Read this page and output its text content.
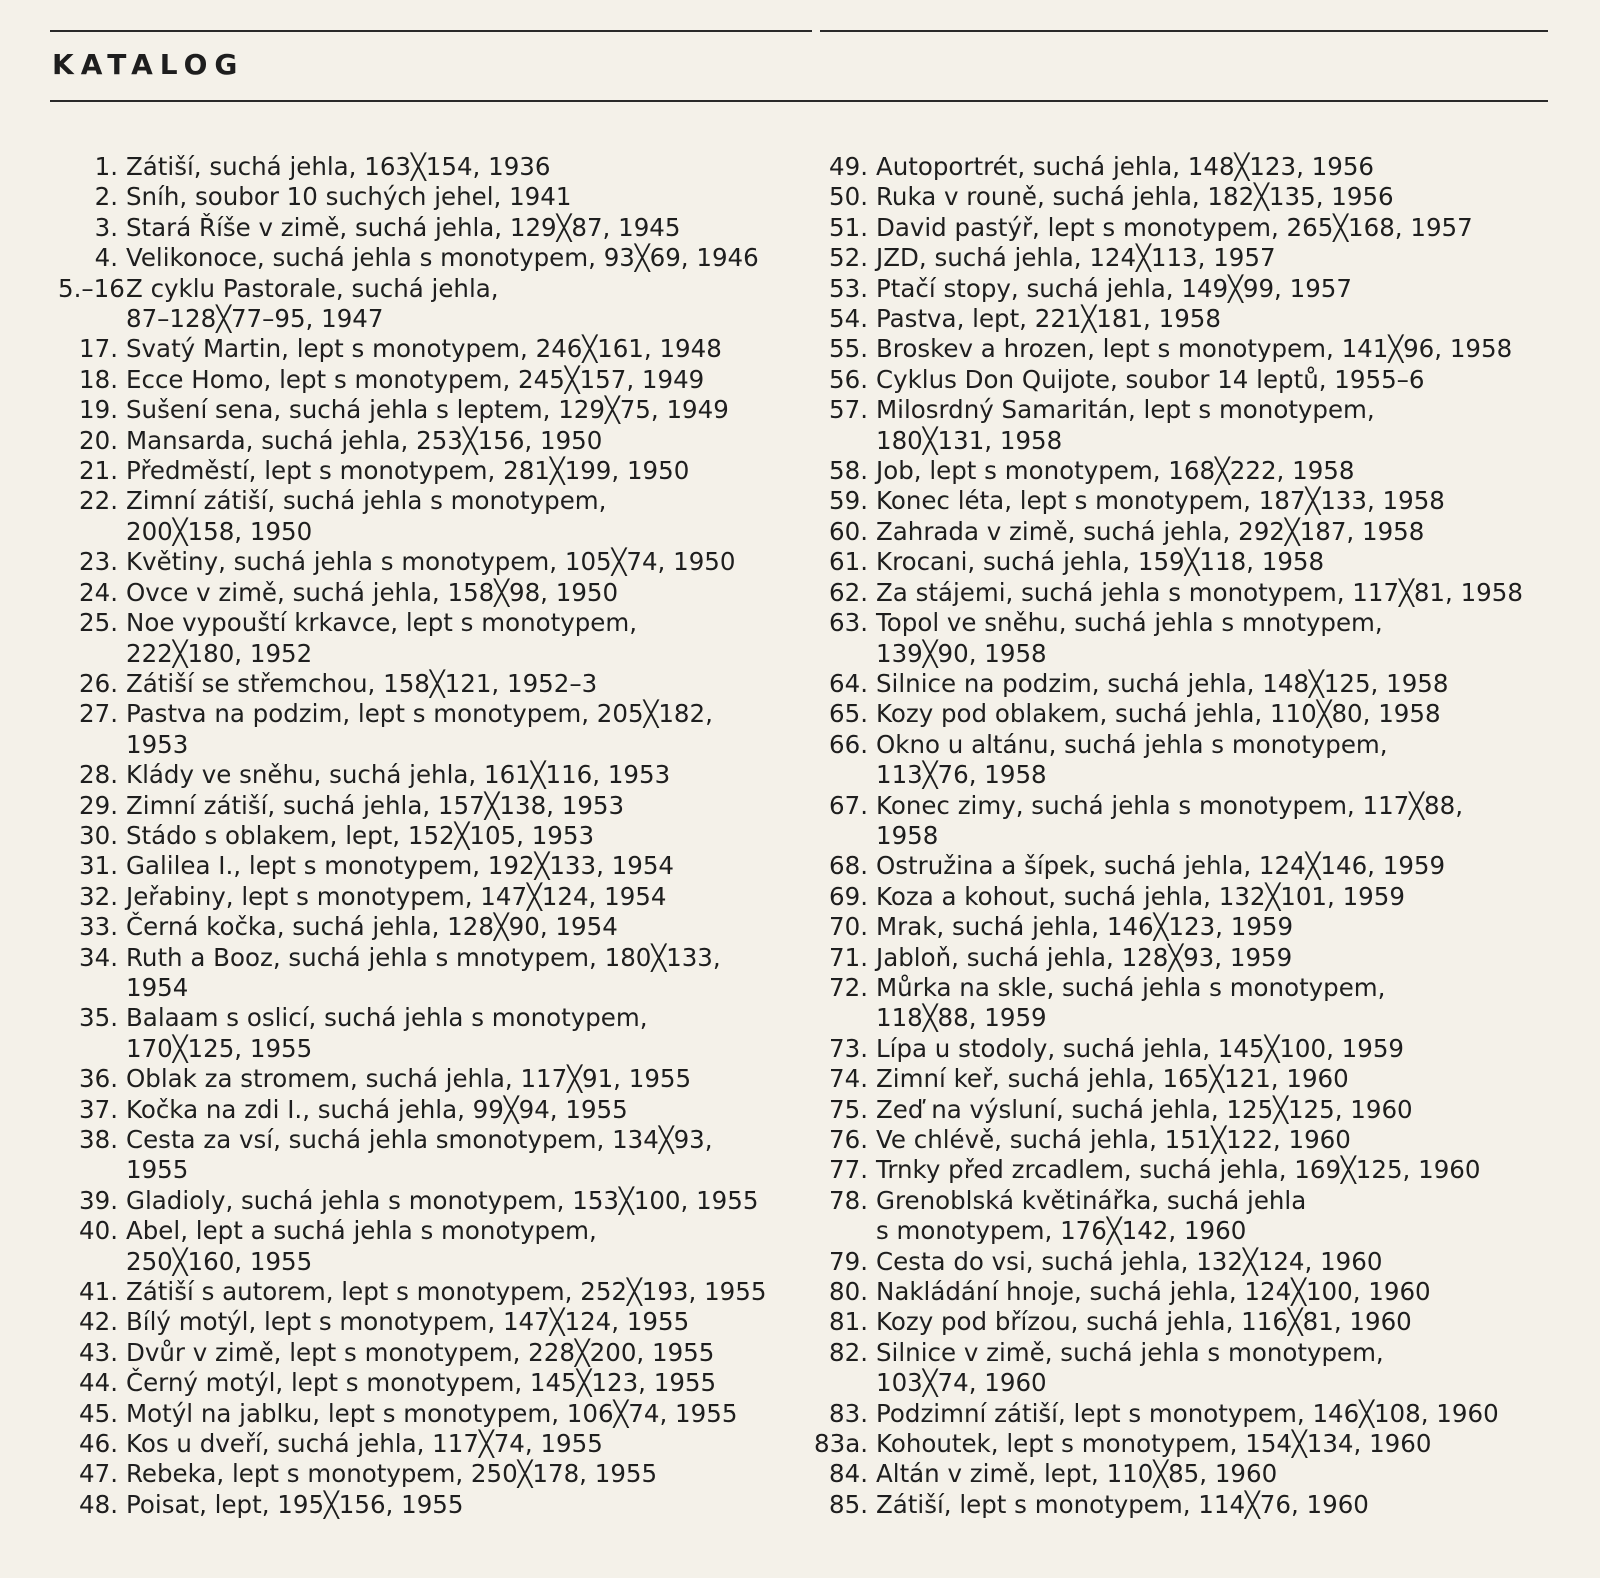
KATALOG
1. Zátiší, suchá jehla, 163╳154, 1936
2. Sníh, soubor 10 suchých jehel, 1941
3. Stará Říše v zimě, suchá jehla, 129╳87, 1945
4. Velikonoce, suchá jehla s monotypem, 93╳69, 1946
5.–16.
Z cyklu Pastorale, suchá jehla,
87–128╳77–95, 1947
17. Svatý Martin, lept s monotypem, 246╳161, 1948
18. Ecce Homo, lept s monotypem, 245╳157, 1949
19. Sušení sena, suchá jehla s leptem, 129╳75, 1949
20. Mansarda, suchá jehla, 253╳156, 1950
21. Předměstí, lept s monotypem, 281╳199, 1950
22. Zimní zátiší, suchá jehla s monotypem,
200╳158, 1950
23. Květiny, suchá jehla s monotypem, 105╳74, 1950
24. Ovce v zimě, suchá jehla, 158╳98, 1950
25. Noe vypouští krkavce, lept s monotypem,
222╳180, 1952
26. Zátiší se střemchou, 158╳121, 1952–3
27. Pastva na podzim, lept s monotypem, 205╳182,
1953
28. Klády ve sněhu, suchá jehla, 161╳116, 1953
29. Zimní zátiší, suchá jehla, 157╳138, 1953
30. Stádo s oblakem, lept, 152╳105, 1953
31. Galilea I., lept s monotypem, 192╳133, 1954
32. Jeřabiny, lept s monotypem, 147╳124, 1954
33. Černá kočka, suchá jehla, 128╳90, 1954
34. Ruth a Booz, suchá jehla s mnotypem, 180╳133,
1954
35. Balaam s oslicí, suchá jehla s monotypem,
170╳125, 1955
36. Oblak za stromem, suchá jehla, 117╳91, 1955
37. Kočka na zdi I., suchá jehla, 99╳94, 1955
38. Cesta za vsí, suchá jehla smonotypem, 134╳93,
1955
39. Gladioly, suchá jehla s monotypem, 153╳100, 1955
40. Abel, lept a suchá jehla s monotypem,
250╳160, 1955
41. Zátiší s autorem, lept s monotypem, 252╳193, 1955
42. Bílý motýl, lept s monotypem, 147╳124, 1955
43. Dvůr v zimě, lept s monotypem, 228╳200, 1955
44. Černý motýl, lept s monotypem, 145╳123, 1955
45. Motýl na jablku, lept s monotypem, 106╳74, 1955
46. Kos u dveří, suchá jehla, 117╳74, 1955
47. Rebeka, lept s monotypem, 250╳178, 1955
48. Poisat, lept, 195╳156, 1955
49. Autoportrét, suchá jehla, 148╳123, 1956
50. Ruka v rouně, suchá jehla, 182╳135, 1956
51. David pastýř, lept s monotypem, 265╳168, 1957
52. JZD, suchá jehla, 124╳113, 1957
53. Ptačí stopy, suchá jehla, 149╳99, 1957
54. Pastva, lept, 221╳181, 1958
55. Broskev a hrozen, lept s monotypem, 141╳96, 1958
56. Cyklus Don Quijote, soubor 14 leptů, 1955–6
57. Milosrdný Samaritán, lept s monotypem,
180╳131, 1958
58. Job, lept s monotypem, 168╳222, 1958
59. Konec léta, lept s monotypem, 187╳133, 1958
60. Zahrada v zimě, suchá jehla, 292╳187, 1958
61. Krocani, suchá jehla, 159╳118, 1958
62. Za stájemi, suchá jehla s monotypem, 117╳81, 1958
63. Topol ve sněhu, suchá jehla s mnotypem,
139╳90, 1958
64. Silnice na podzim, suchá jehla, 148╳125, 1958
65. Kozy pod oblakem, suchá jehla, 110╳80, 1958
66. Okno u altánu, suchá jehla s monotypem,
113╳76, 1958
67. Konec zimy, suchá jehla s monotypem, 117╳88,
1958
68. Ostružina a šípek, suchá jehla, 124╳146, 1959
69. Koza a kohout, suchá jehla, 132╳101, 1959
70. Mrak, suchá jehla, 146╳123, 1959
71. Jabloň, suchá jehla, 128╳93, 1959
72. Můrka na skle, suchá jehla s monotypem,
118╳88, 1959
73. Lípa u stodoly, suchá jehla, 145╳100, 1959
74. Zimní keř, suchá jehla, 165╳121, 1960
75. Zeď na výsluní, suchá jehla, 125╳125, 1960
76. Ve chlévě, suchá jehla, 151╳122, 1960
77. Trnky před zrcadlem, suchá jehla, 169╳125, 1960
78. Grenoblská květinářka, suchá jehla
s monotypem, 176╳142, 1960
79. Cesta do vsi, suchá jehla, 132╳124, 1960
80. Nakládání hnoje, suchá jehla, 124╳100, 1960
81. Kozy pod břízou, suchá jehla, 116╳81, 1960
82. Silnice v zimě, suchá jehla s monotypem,
103╳74, 1960
83. Podzimní zátiší, lept s monotypem, 146╳108, 1960
83a. Kohoutek, lept s monotypem, 154╳134, 1960
84. Altán v zimě, lept, 110╳85, 1960
85. Zátiší, lept s monotypem, 114╳76, 1960
